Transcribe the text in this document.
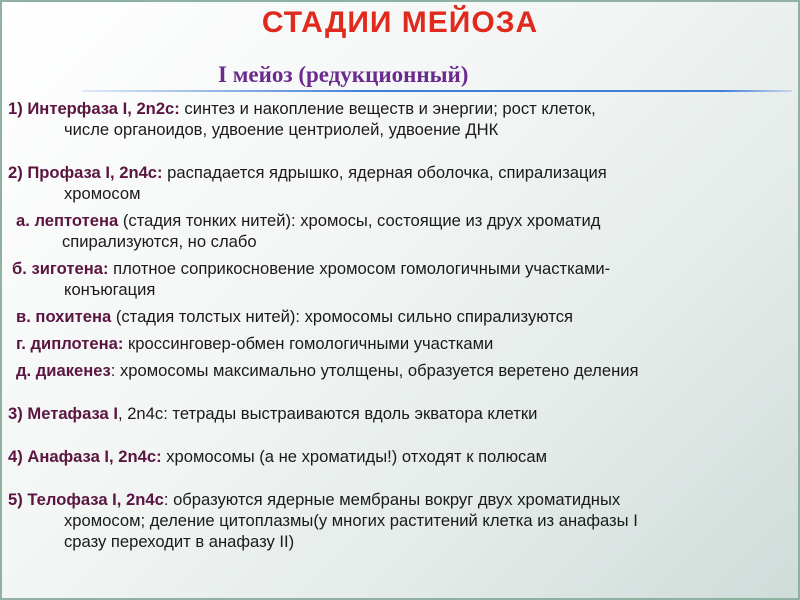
СТАДИИ МЕЙОЗА
I мейоз (редукционный)
1) Интерфаза I, 2n2c: синтез и накопление веществ и энергии; рост клеток,
числе органоидов, удвоение центриолей, удвоение ДНК
2) Профаза I, 2n4c: распадается ядрышко, ядерная оболочка, спирализация
хромосом
а. лептотена (стадия тонких нитей): хромосы, состоящие из друх хроматид
спирализуются, но слабо
б. зиготена: плотное соприкосновение хромосом гомологичными участками-
конъюгация
в. похитена (стадия толстых нитей): хромосомы сильно спирализуются
г. диплотена: кроссинговер-обмен гомологичными участками
д. диакенез: хромосомы максимально утолщены, образуется веретено деления
3) Метафаза I, 2n4c: тетрады выстраиваются вдоль экватора клетки
4) Анафаза I, 2n4c: хромосомы (а не хроматиды!) отходят к полюсам
5) Телофаза I, 2n4c: образуются ядерные мембраны вокруг двух хроматидных
хромосом; деление цитоплазмы(у многих раститений клетка из анафазы I
сразу переходит в анафазу II)
